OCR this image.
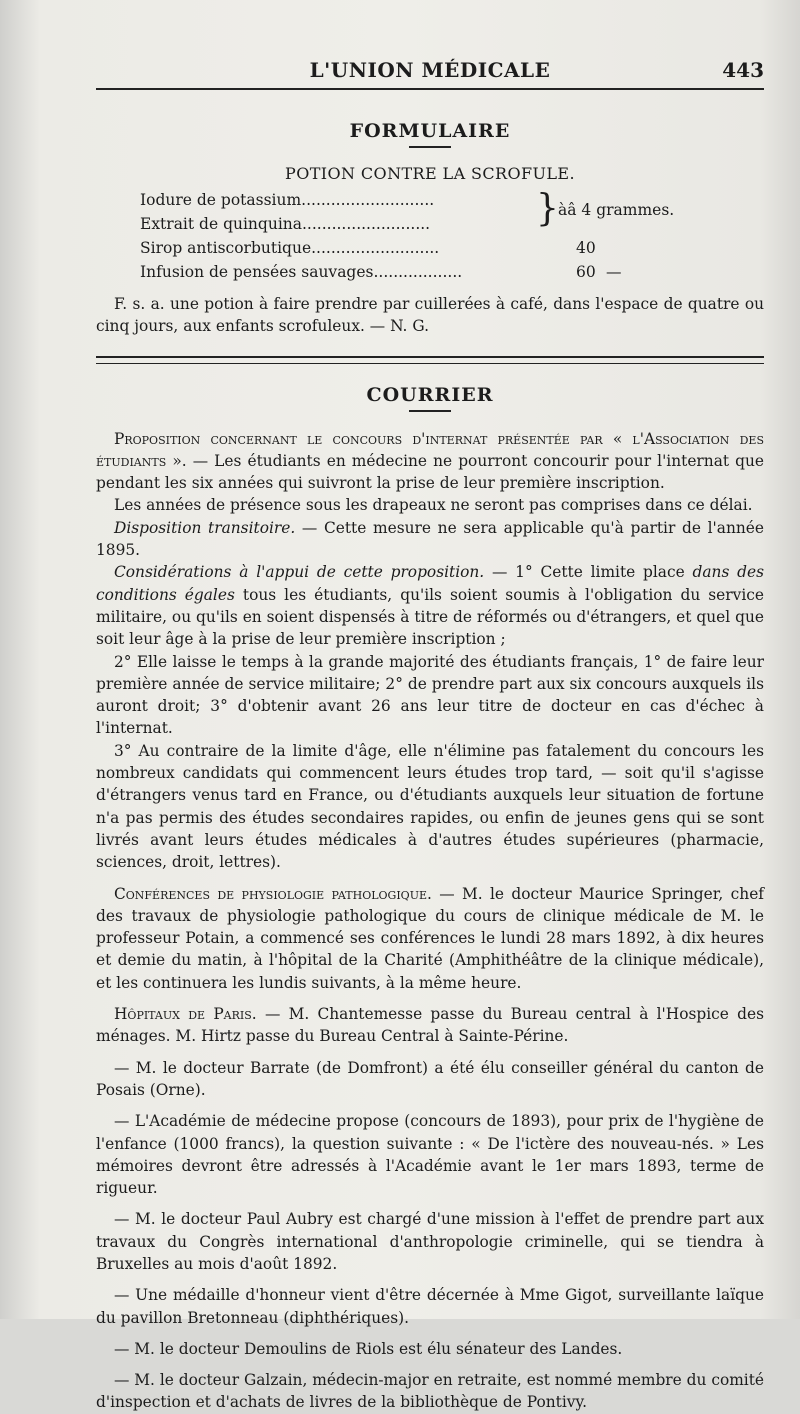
L'UNION MÉDICALE	443
FORMULAIRE

POTION CONTRE LA SCROFULE.

Iodure de potassium...........................	} àâ 4 grammes.
Extrait de quinquina..........................
Sirop antiscorbutique..........................	40
Infusion de pensées sauvages..................	60 —

F. s. a. une potion à faire prendre par cuillerées à café, dans l'espace de quatre ou cinq jours, aux enfants scrofuleux. — N. G.

COURRIER

Proposition concernant le concours d'internat présentée par « l'Association des étudiants ». — Les étudiants en médecine ne pourront concourir pour l'internat que pendant les six années qui suivront la prise de leur première inscription.

Les années de présence sous les drapeaux ne seront pas comprises dans ce délai.

Disposition transitoire. — Cette mesure ne sera applicable qu'à partir de l'année 1895.

Considérations à l'appui de cette proposition. — 1° Cette limite place dans des conditions égales tous les étudiants, qu'ils soient soumis à l'obligation du service militaire, ou qu'ils en soient dispensés à titre de réformés ou d'étrangers, et quel que soit leur âge à la prise de leur première inscription ;

2° Elle laisse le temps à la grande majorité des étudiants français, 1° de faire leur première année de service militaire; 2° de prendre part aux six concours auxquels ils auront droit; 3° d'obtenir avant 26 ans leur titre de docteur en cas d'échec à l'internat.

3° Au contraire de la limite d'âge, elle n'élimine pas fatalement du concours les nombreux candidats qui commencent leurs études trop tard, — soit qu'il s'agisse d'étrangers venus tard en France, ou d'étudiants auxquels leur situation de fortune n'a pas permis des études secondaires rapides, ou enfin de jeunes gens qui se sont livrés avant leurs études médicales à d'autres études supérieures (pharmacie, sciences, droit, lettres).

Conférences de physiologie pathologique. — M. le docteur Maurice Springer, chef des travaux de physiologie pathologique du cours de clinique médicale de M. le professeur Potain, a commencé ses conférences le lundi 28 mars 1892, à dix heures et demie du matin, à l'hôpital de la Charité (Amphithéâtre de la clinique médicale), et les continuera les lundis suivants, à la même heure.

Hôpitaux de Paris. — M. Chantemesse passe du Bureau central à l'Hospice des ménages. M. Hirtz passe du Bureau Central à Sainte-Périne.

— M. le docteur Barrate (de Domfront) a été élu conseiller général du canton de Posais (Orne).

— L'Académie de médecine propose (concours de 1893), pour prix de l'hygiène de l'enfance (1000 francs), la question suivante : « De l'ictère des nouveau-nés. » Les mémoires devront être adressés à l'Académie avant le 1er mars 1893, terme de rigueur.

— M. le docteur Paul Aubry est chargé d'une mission à l'effet de prendre part aux travaux du Congrès international d'anthropologie criminelle, qui se tiendra à Bruxelles au mois d'août 1892.

— Une médaille d'honneur vient d'être décernée à Mme Gigot, surveillante laïque du pavillon Bretonneau (diphthériques).

— M. le docteur Demoulins de Riols est élu sénateur des Landes.

— M. le docteur Galzain, médecin-major en retraite, est nommé membre du comité d'inspection et d'achats de livres de la bibliothèque de Pontivy.
